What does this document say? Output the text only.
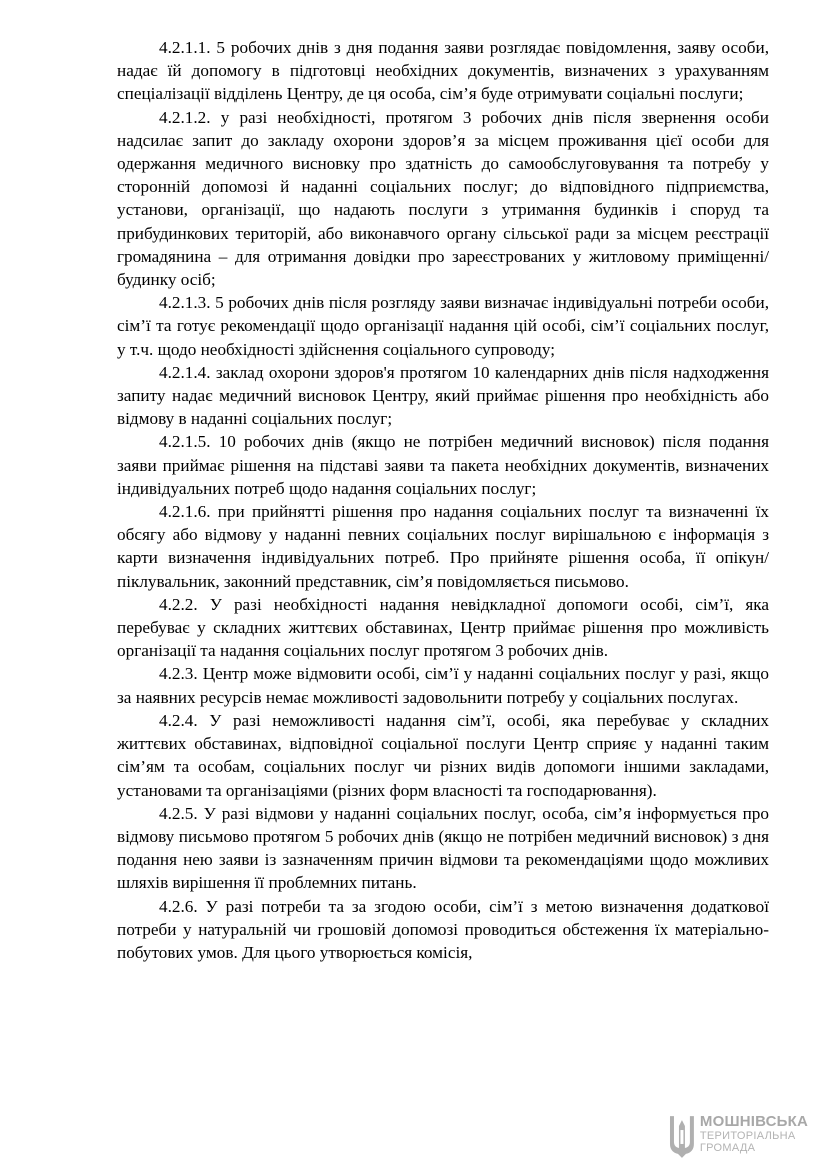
4.2.1.1. 5 робочих днів з дня подання заяви розглядає повідомлення, заяву особи, надає їй допомогу в підготовці необхідних документів, визначених з урахуванням спеціалізації відділень Центру, де ця особа, сім’я буде отримувати соціальні послуги;

4.2.1.2. у разі необхідності, протягом 3 робочих днів після звернення особи надсилає запит до закладу охорони здоров’я за місцем проживання цієї особи для одержання медичного висновку про здатність до самообслуговування та потребу у сторонній допомозі й наданні соціальних послуг; до відповідного підприємства, установи, організації, що надають послуги з утримання будинків і споруд та прибудинкових територій, або виконавчого органу сільської ради за місцем реєстрації громадянина – для отримання довідки про зареєстрованих у житловому приміщенні/будинку осіб;

4.2.1.3. 5 робочих днів після розгляду заяви визначає індивідуальні потреби особи, сім’ї та готує рекомендації щодо організації надання цій особі, сім’ї соціальних послуг, у т.ч. щодо необхідності здійснення соціального супроводу;

4.2.1.4. заклад охорони здоров'я протягом 10 календарних днів після надходження запиту надає медичний висновок Центру, який приймає рішення про необхідність або відмову в наданні соціальних послуг;

4.2.1.5. 10 робочих днів (якщо не потрібен медичний висновок) після подання заяви приймає рішення на підставі заяви та пакета необхідних документів, визначених індивідуальних потреб щодо надання соціальних послуг;

4.2.1.6. при прийнятті рішення про надання соціальних послуг та визначенні їх обсягу або відмову у наданні певних соціальних послуг вирішальною є інформація з карти визначення індивідуальних потреб. Про прийняте рішення особа, її опікун/піклувальник, законний представник, сім’я повідомляється письмово.

4.2.2. У разі необхідності надання невідкладної допомоги особі, сім’ї, яка перебуває у складних життєвих обставинах, Центр приймає рішення про можливість організації та надання соціальних послуг протягом 3 робочих днів.

4.2.3. Центр може відмовити особі, сім’ї у наданні соціальних послуг у разі, якщо за наявних ресурсів немає можливості задовольнити потребу у соціальних послугах.

4.2.4. У разі неможливості надання сім’ї, особі, яка перебуває у складних життєвих обставинах, відповідної соціальної послуги Центр сприяє у наданні таким сім’ям та особам, соціальних послуг чи різних видів допомоги іншими закладами, установами та організаціями (різних форм власності та господарювання).

4.2.5. У разі відмови у наданні соціальних послуг, особа, сім’я інформується про відмову письмово протягом 5 робочих днів (якщо не потрібен медичний висновок) з дня подання нею заяви із зазначенням причин відмови та рекомендаціями щодо можливих шляхів вирішення її проблемних питань.

4.2.6. У разі потреби та за згодою особи, сім’ї з метою визначення додаткової потреби у натуральній чи грошовій допомозі проводиться обстеження їх матеріально-побутових умов. Для цього утворюється комісія,

МОШНІВСЬКА
ТЕРИТОРІАЛЬНА
ГРОМАДА
